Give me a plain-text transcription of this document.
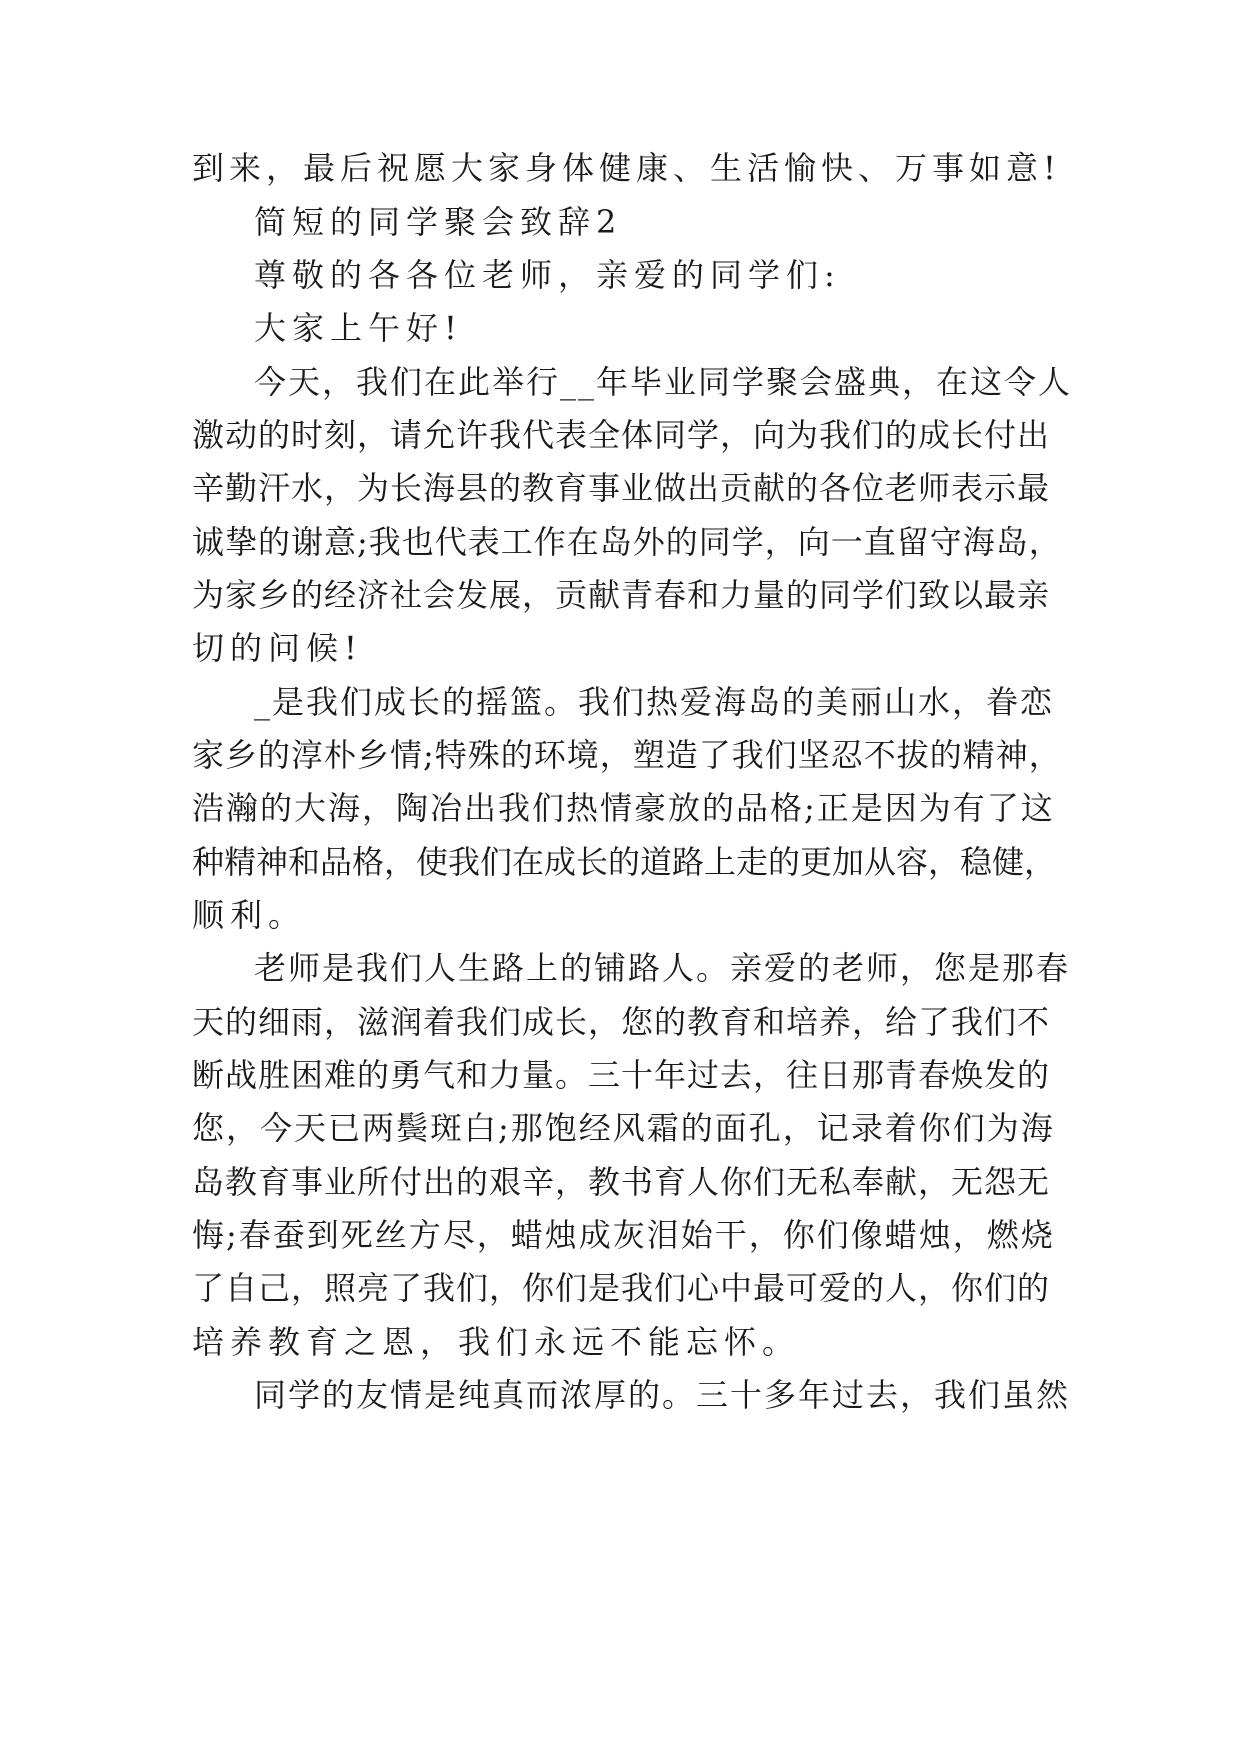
到来，最后祝愿大家身体健康、生活愉快、万事如意!
简短的同学聚会致辞2
尊敬的各各位老师，亲爱的同学们:
大家上午好!
今天，我们在此举行__年毕业同学聚会盛典，在这令人
激动的时刻，请允许我代表全体同学，向为我们的成长付出
辛勤汗水，为长海县的教育事业做出贡献的各位老师表示最
诚挚的谢意;我也代表工作在岛外的同学，向一直留守海岛，
为家乡的经济社会发展，贡献青春和力量的同学们致以最亲
切的问候!
_是我们成长的摇篮。我们热爱海岛的美丽山水，眷恋
家乡的淳朴乡情;特殊的环境，塑造了我们坚忍不拔的精神，
浩瀚的大海，陶冶出我们热情豪放的品格;正是因为有了这
种精神和品格，使我们在成长的道路上走的更加从容，稳健，
顺利。
老师是我们人生路上的铺路人。亲爱的老师，您是那春
天的细雨，滋润着我们成长，您的教育和培养，给了我们不
断战胜困难的勇气和力量。三十年过去，往日那青春焕发的
您，今天已两鬓斑白;那饱经风霜的面孔，记录着你们为海
岛教育事业所付出的艰辛，教书育人你们无私奉献，无怨无
悔;春蚕到死丝方尽，蜡烛成灰泪始干，你们像蜡烛，燃烧
了自己，照亮了我们，你们是我们心中最可爱的人，你们的
培养教育之恩，我们永远不能忘怀。
同学的友情是纯真而浓厚的。三十多年过去，我们虽然
